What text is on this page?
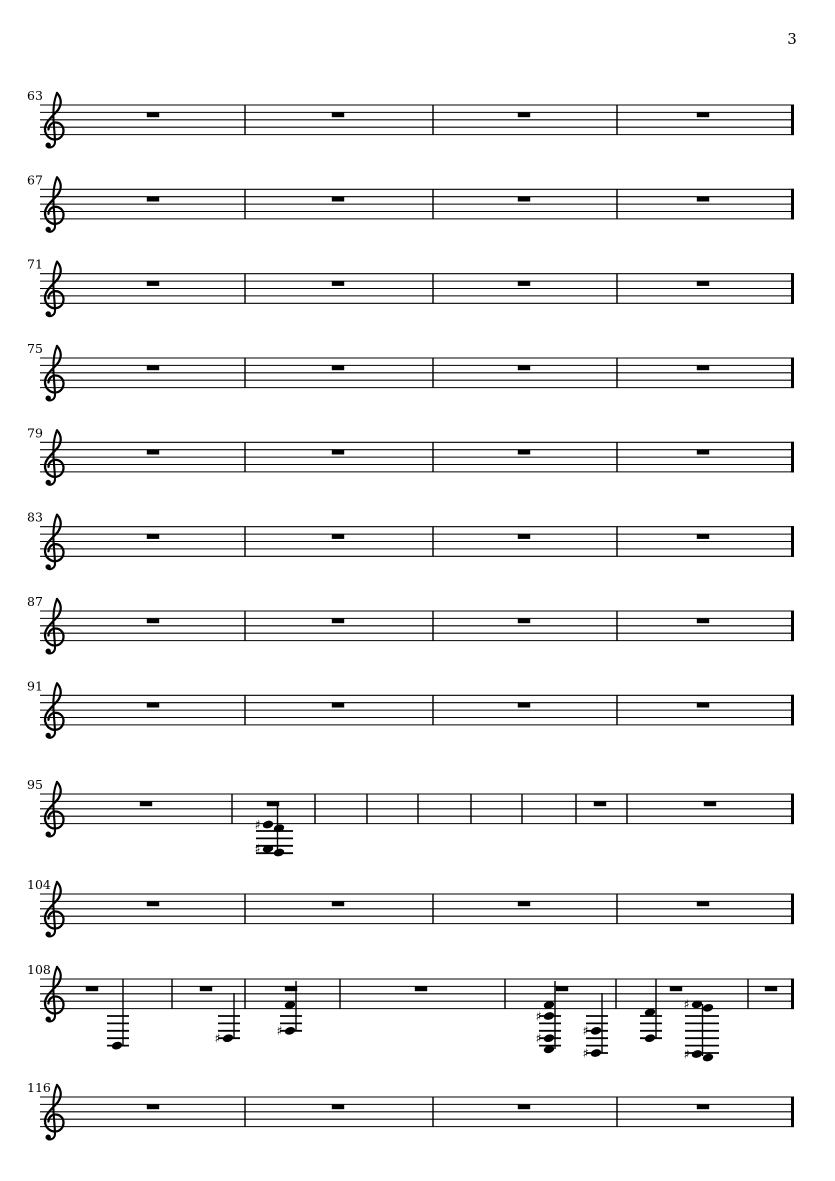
3
63
67
71
75
79
83
87
91
95
♯
♯
104
108
♯	♯
♯
♯	♯
♯
♯
♯
116
